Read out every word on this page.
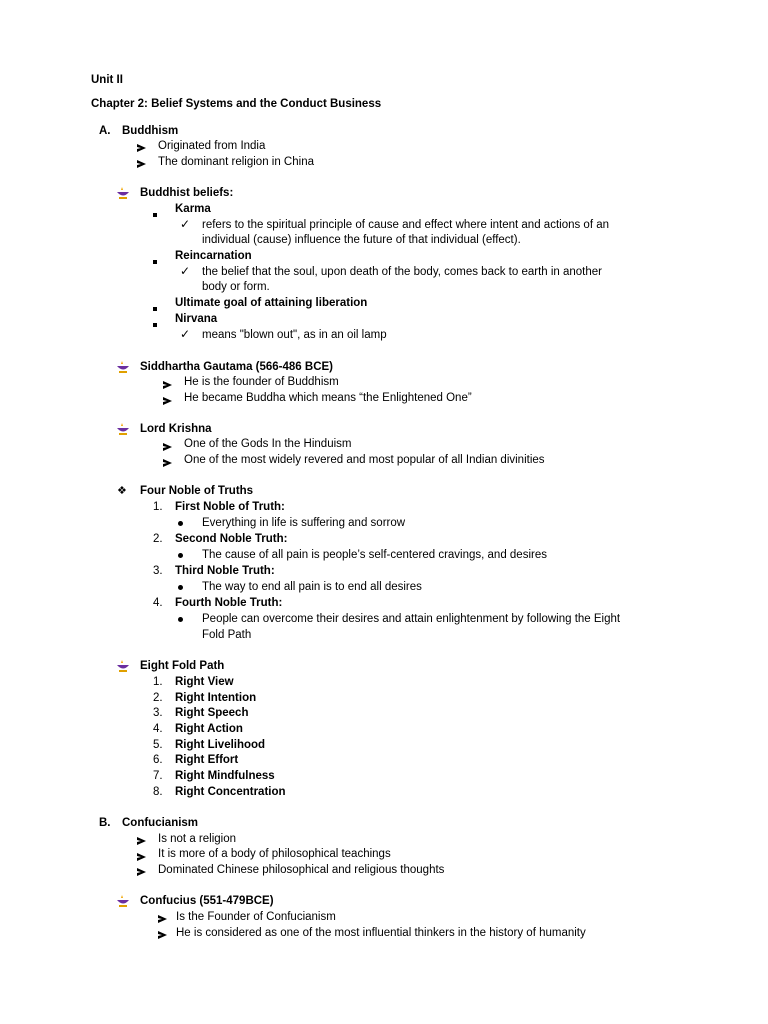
Unit II
Chapter 2: Belief Systems and the Conduct Business
A. Buddhism
Originated from India
The dominant religion in China
Buddhist beliefs:
Karma
✓ refers to the spiritual principle of cause and effect where intent and actions of an
individual (cause) influence the future of that individual (effect).
Reincarnation
✓ the belief that the soul, upon death of the body, comes back to earth in another
body or form.
Ultimate goal of attaining liberation
Nirvana
✓ means "blown out", as in an oil lamp
Siddhartha Gautama (566-486 BCE)
He is the founder of Buddhism
He became Buddha which means “the Enlightened One”
Lord Krishna
One of the Gods In the Hinduism
One of the most widely revered and most popular of all Indian divinities
❖ Four Noble of Truths
1. First Noble of Truth:
Everything in life is suffering and sorrow
2. Second Noble Truth:
The cause of all pain is people’s self-centered cravings, and desires
3. Third Noble Truth:
The way to end all pain is to end all desires
4. Fourth Noble Truth:
People can overcome their desires and attain enlightenment by following the Eight
Fold Path
Eight Fold Path
1. Right View
2. Right Intention
3. Right Speech
4. Right Action
5. Right Livelihood
6. Right Effort
7. Right Mindfulness
8. Right Concentration
B. Confucianism
Is not a religion
It is more of a body of philosophical teachings
Dominated Chinese philosophical and religious thoughts
Confucius (551-479BCE)
Is the Founder of Confucianism
He is considered as one of the most influential thinkers in the history of humanity
